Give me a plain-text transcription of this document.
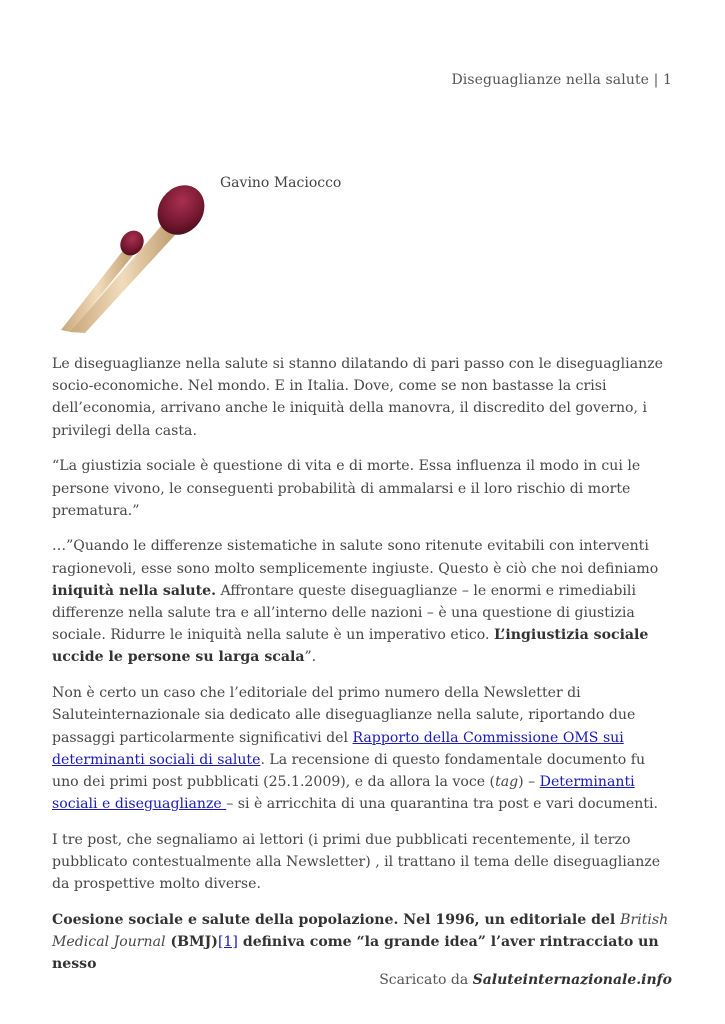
Diseguaglianze nella salute | 1
Gavino Maciocco

Le diseguaglianze nella salute si stanno dilatando di pari passo con le diseguaglianze socio-economiche. Nel mondo. E in Italia. Dove, come se non bastasse la crisi dell’economia, arrivano anche le iniquità della manovra, il discredito del governo, i privilegi della casta.

“La giustizia sociale è questione di vita e di morte. Essa influenza il modo in cui le persone vivono, le conseguenti probabilità di ammalarsi e il loro rischio di morte prematura.”

…”Quando le differenze sistematiche in salute sono ritenute evitabili con interventi ragionevoli, esse sono molto semplicemente ingiuste. Questo è ciò che noi definiamo iniquità nella salute. Affrontare queste diseguaglianze – le enormi e rimediabili differenze nella salute tra e all’interno delle nazioni – è una questione di giustizia sociale. Ridurre le iniquità nella salute è un imperativo etico. L’ingiustizia sociale uccide le persone su larga scala”.

Non è certo un caso che l’editoriale del primo numero della Newsletter di Saluteinternazionale sia dedicato alle diseguaglianze nella salute, riportando due passaggi particolarmente significativi del Rapporto della Commissione OMS sui determinanti sociali di salute. La recensione di questo fondamentale documento fu uno dei primi post pubblicati (25.1.2009), e da allora la voce (tag) – Determinanti sociali e diseguaglianze – si è arricchita di una quarantina tra post e vari documenti.

I tre post, che segnaliamo ai lettori (i primi due pubblicati recentemente, il terzo pubblicato contestualmente alla Newsletter) , il trattano il tema delle diseguaglianze da prospettive molto diverse.

Coesione sociale e salute della popolazione. Nel 1996, un editoriale del British Medical Journal (BMJ)[1] definiva come “la grande idea” l’aver rintracciato un nesso

Scaricato da Saluteinternazionale.info
